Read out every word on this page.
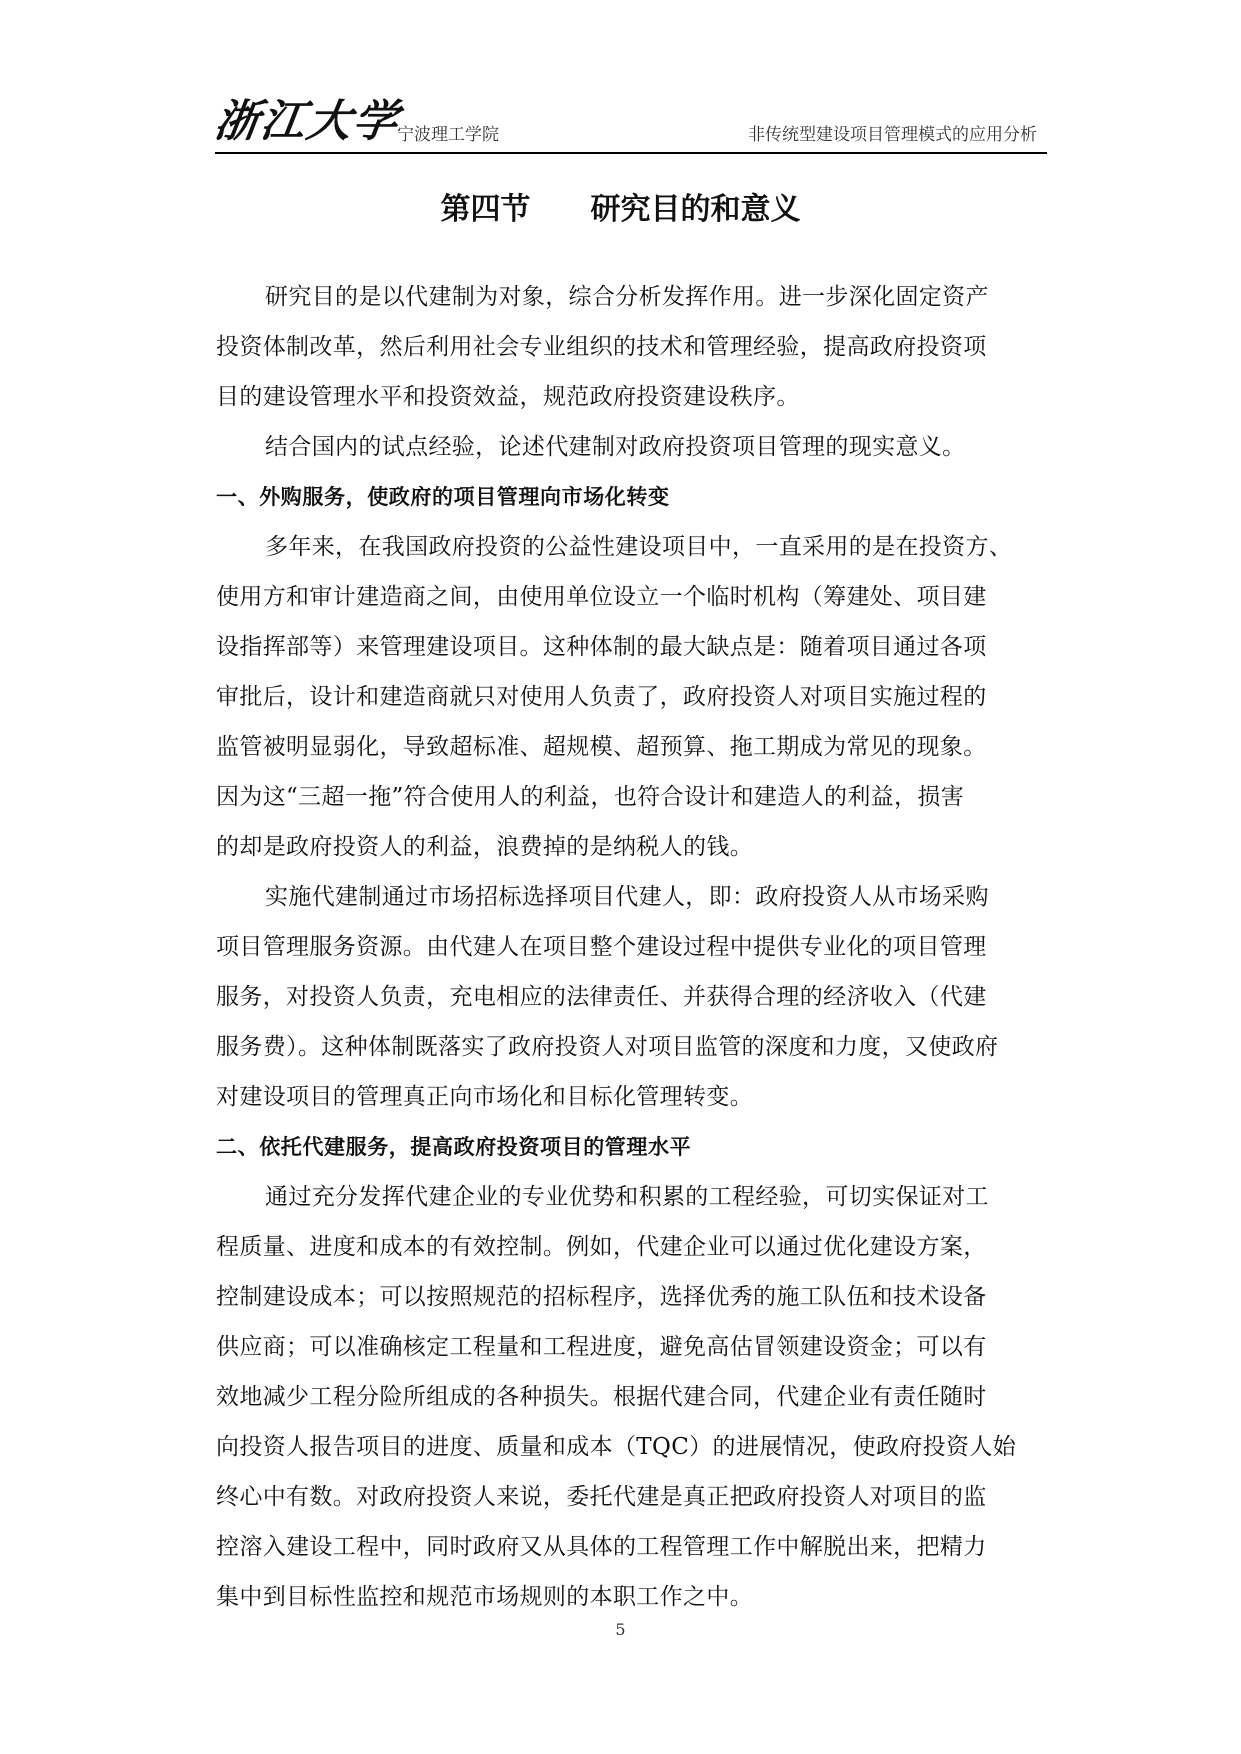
浙江大学
宁波理工学院	非传统型建设项目管理模式的应用分析
第四节　　研究目的和意义
研究目的是以代建制为对象，综合分析发挥作用。进一步深化固定资产
投资体制改革，然后利用社会专业组织的技术和管理经验，提高政府投资项
目的建设管理水平和投资效益，规范政府投资建设秩序。
结合国内的试点经验，论述代建制对政府投资项目管理的现实意义。
一、外购服务，使政府的项目管理向市场化转变
多年来，在我国政府投资的公益性建设项目中，一直采用的是在投资方、
使用方和审计建造商之间，由使用单位设立一个临时机构（筹建处、项目建
设指挥部等）来管理建设项目。这种体制的最大缺点是：随着项目通过各项
审批后，设计和建造商就只对使用人负责了，政府投资人对项目实施过程的
监管被明显弱化，导致超标准、超规模、超预算、拖工期成为常见的现象。
因为这“三超一拖”符合使用人的利益，也符合设计和建造人的利益，损害
的却是政府投资人的利益，浪费掉的是纳税人的钱。
实施代建制通过市场招标选择项目代建人，即：政府投资人从市场采购
项目管理服务资源。由代建人在项目整个建设过程中提供专业化的项目管理
服务，对投资人负责，充电相应的法律责任、并获得合理的经济收入（代建
服务费）。这种体制既落实了政府投资人对项目监管的深度和力度，又使政府
对建设项目的管理真正向市场化和目标化管理转变。
二、依托代建服务，提高政府投资项目的管理水平
通过充分发挥代建企业的专业优势和积累的工程经验，可切实保证对工
程质量、进度和成本的有效控制。例如，代建企业可以通过优化建设方案，
控制建设成本；可以按照规范的招标程序，选择优秀的施工队伍和技术设备
供应商；可以准确核定工程量和工程进度，避免高估冒领建设资金；可以有
效地减少工程分险所组成的各种损失。根据代建合同，代建企业有责任随时
向投资人报告项目的进度、质量和成本（TQC）的进展情况，使政府投资人始
终心中有数。对政府投资人来说，委托代建是真正把政府投资人对项目的监
控溶入建设工程中，同时政府又从具体的工程管理工作中解脱出来，把精力
集中到目标性监控和规范市场规则的本职工作之中。
5
